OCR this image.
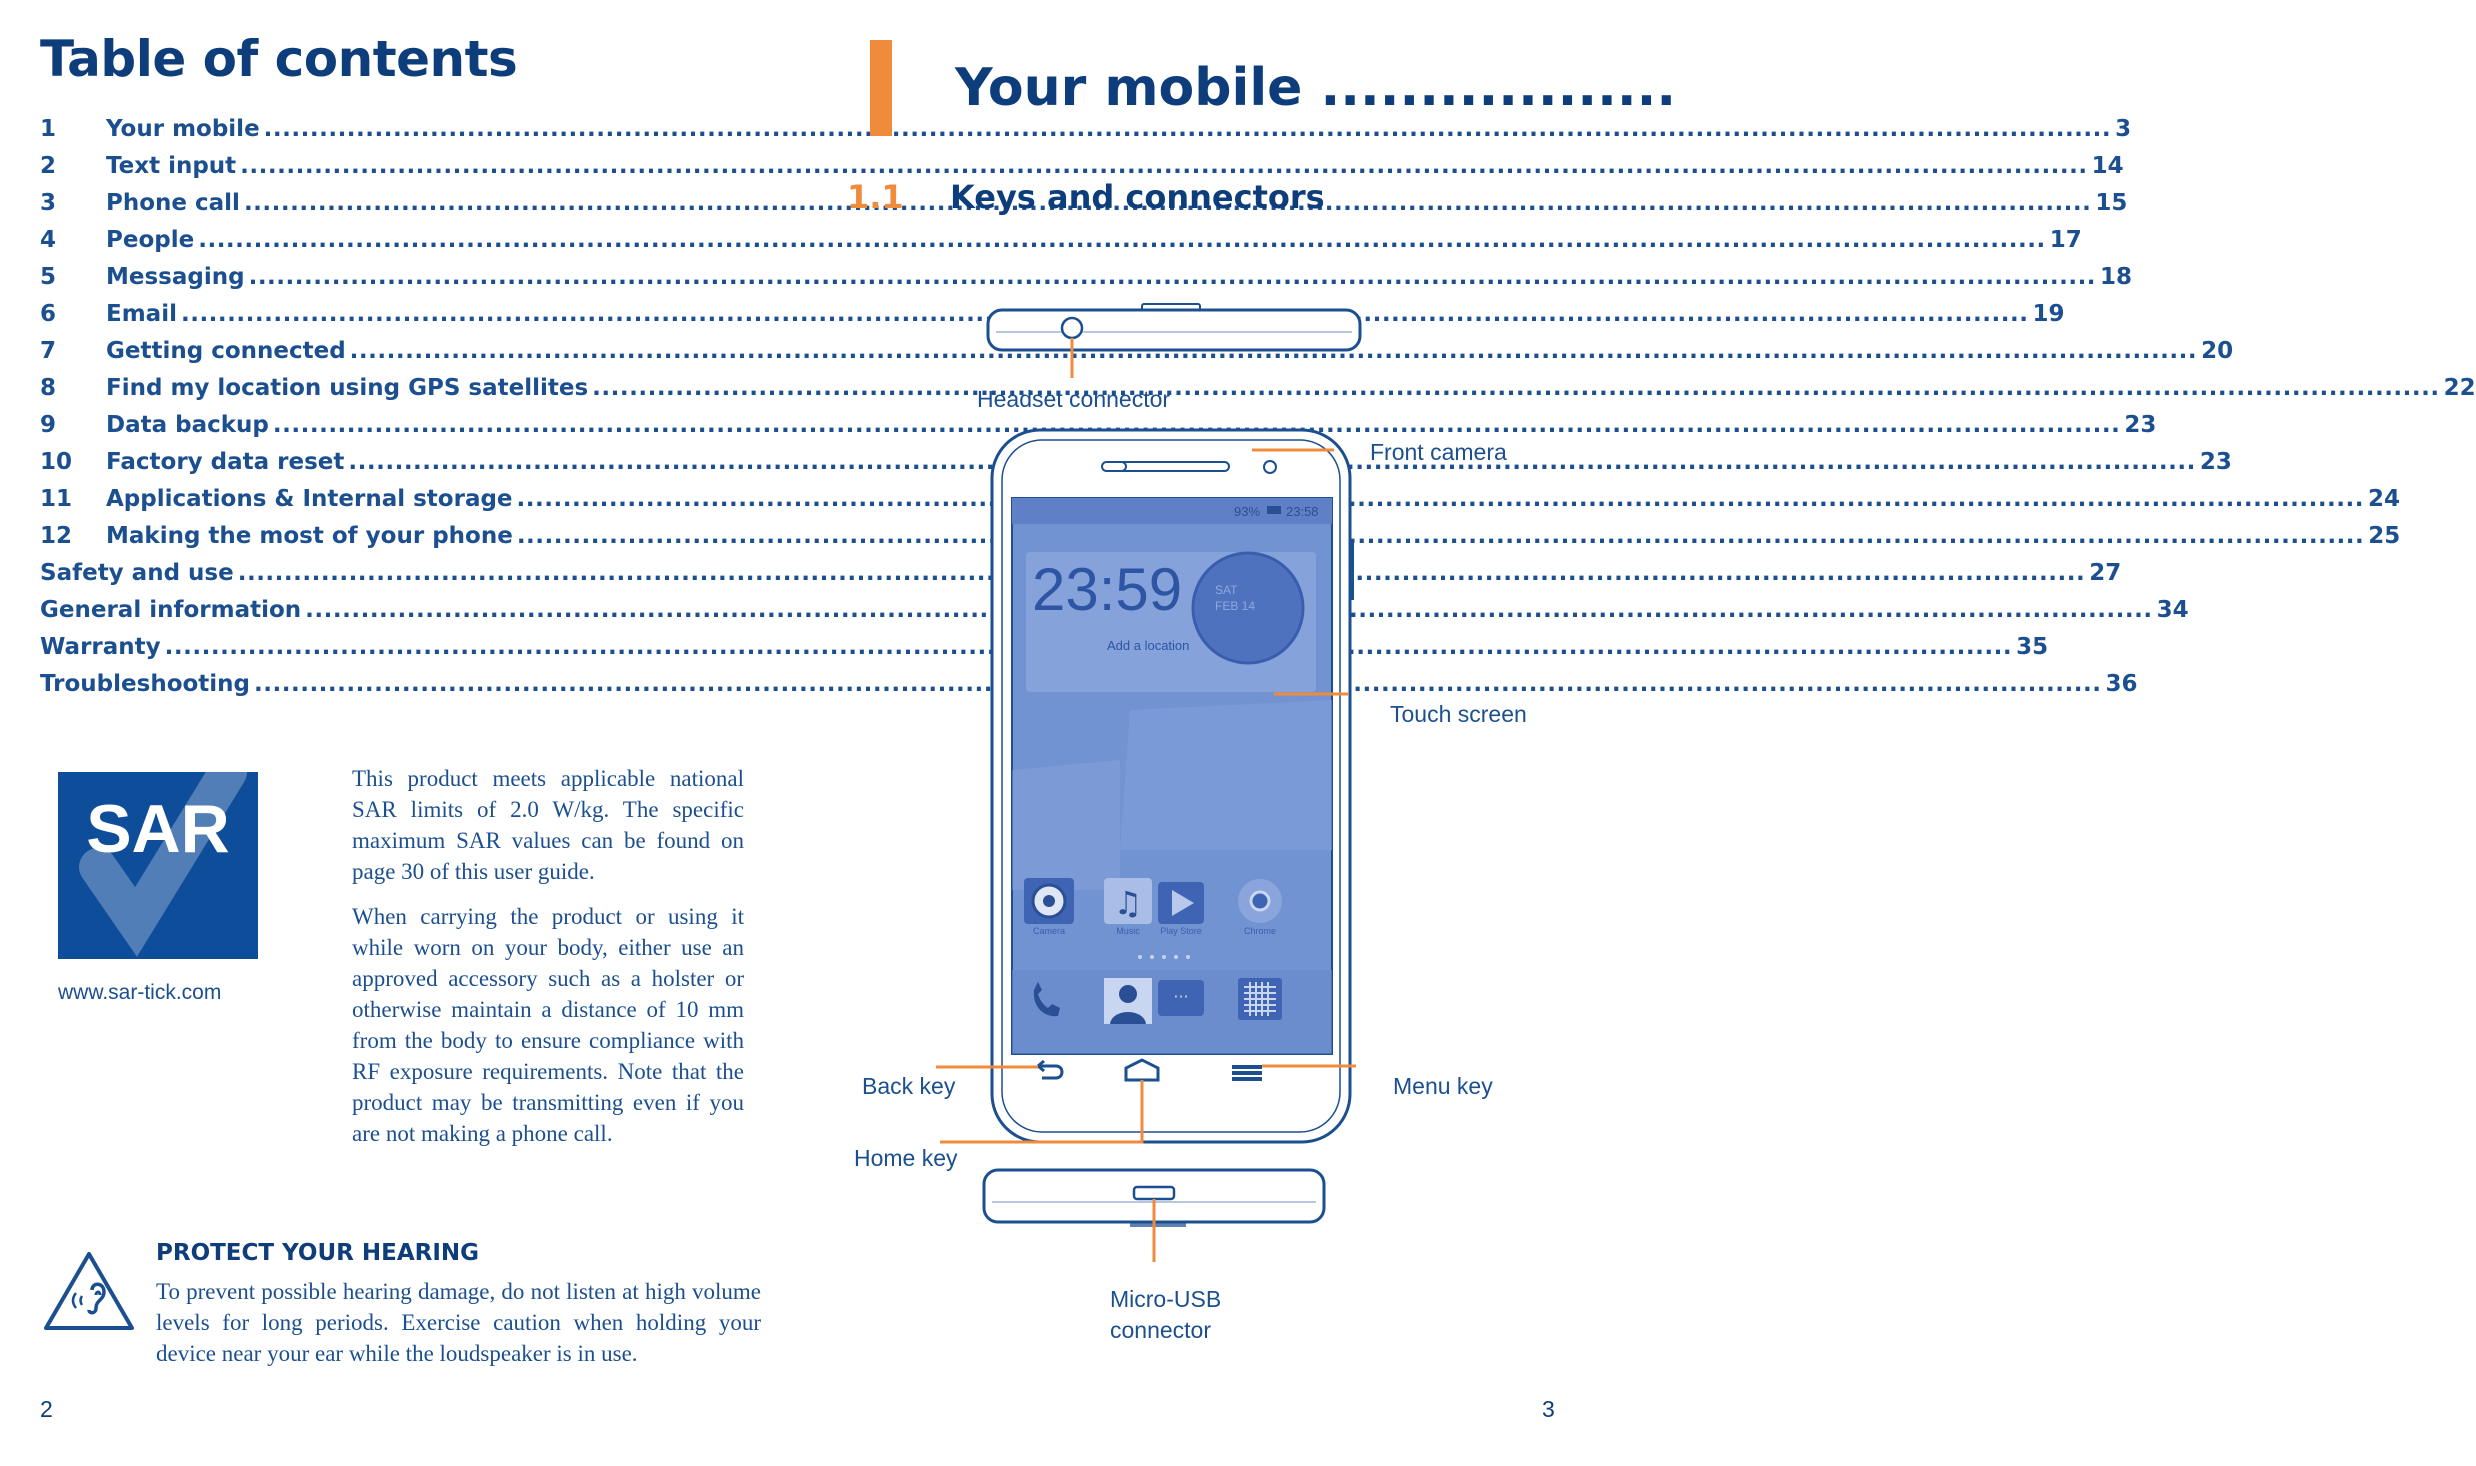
Table of contents
1	Your mobile .....	3
2	Text input .....	14
3	Phone call .....	15
4	People .....	17
5	Messaging .....	18
6	Email .....	19
7	Getting connected .....	20
8	Find my location using GPS satellites .....	22
9	Data backup .....	23
10	Factory data reset .....	23
11	Applications & Internal storage .....	24
12	Making the most of your phone .....	25
Safety and use .....	27
General information .....	34
Warranty .....	35
Troubleshooting .....	36
SAR
www.sar-tick.com
This product meets applicable national SAR limits of 2.0 W/kg. The specific maximum SAR values can be found on page 30 of this user guide.
When carrying the product or using it while worn on your body, either use an approved accessory such as a holster or otherwise maintain a distance of 10 mm from the body to ensure compliance with RF exposure requirements. Note that the product may be transmitting even if you are not making a phone call.
PROTECT YOUR HEARING
To prevent possible hearing damage, do not listen at high volume levels for long periods. Exercise caution when holding your device near your ear while the loudspeaker is in use.
2
Your mobile ..................
1.1 Keys and connectors
93% 23:58
23:59	SAT
FEB 14
Add a location
Camera
♫
Music Play Store	Chrome
···
Headset connector
Front camera
Touch screen
Back key	Menu key
Home key
Micro-USB
connector
3
